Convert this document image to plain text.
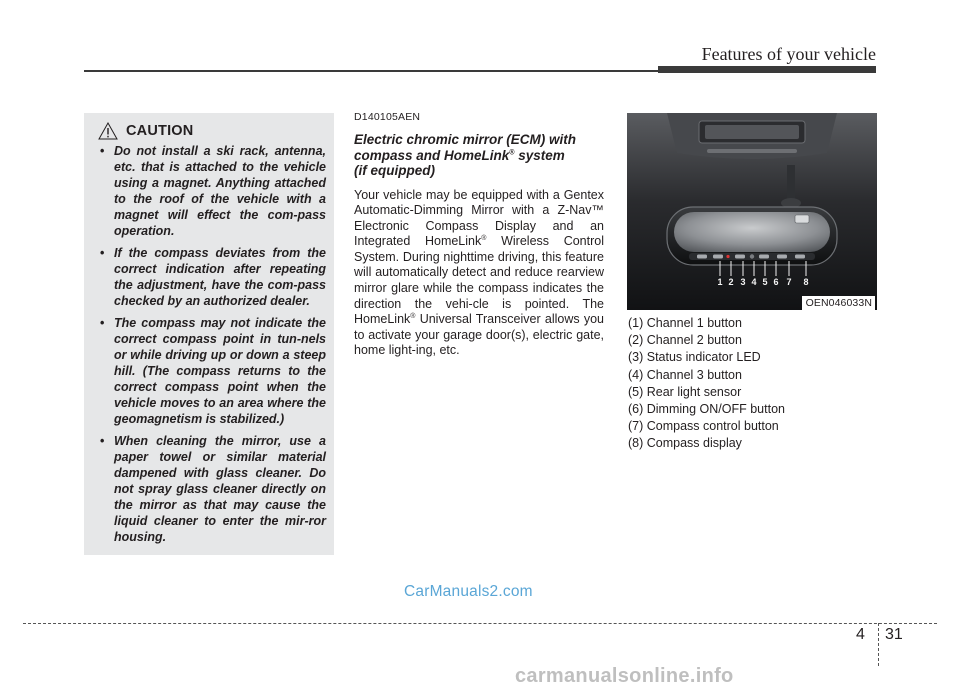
Features of your vehicle
CAUTION
• Do not install a ski rack, antenna, etc. that is attached to the vehicle using a magnet. Anything attached to the roof of the vehicle with a magnet will effect the com-pass operation.
• If the compass deviates from the correct indication after repeating the adjustment, have the com-pass checked by an authorized dealer.
• The compass may not indicate the correct compass point in tun-nels or while driving up or down a steep hill. (The compass returns to the correct compass point when the vehicle moves to an area where the geomagnetism is stabilized.)
• When cleaning the mirror, use a paper towel or similar material dampened with glass cleaner. Do not spray glass cleaner directly on the mirror as that may cause the liquid cleaner to enter the mir-ror housing.
D140105AEN
Electric chromic mirror (ECM) with
compass and HomeLink® system
(if equipped)

Your vehicle may be equipped with a Gentex Automatic-Dimming Mirror with a Z-Nav™ Electronic Compass Display and an Integrated HomeLink® Wireless Control System. During nighttime driving, this feature will automatically detect and reduce rearview mirror glare while the compass indicates the direction the vehi-cle is pointed. The HomeLink® Universal Transceiver allows you to activate your garage door(s), electric gate, home light-ing, etc.

1 2 3 4 5 6 7 8
OEN046033N
(1) Channel 1 button
(2) Channel 2 button
(3) Status indicator LED
(4) Channel 3 button
(5) Rear light sensor
(6) Dimming ON/OFF button
(7) Compass control button
(8) Compass display
CarManuals2.com
4 31
carmanualsonline.info
